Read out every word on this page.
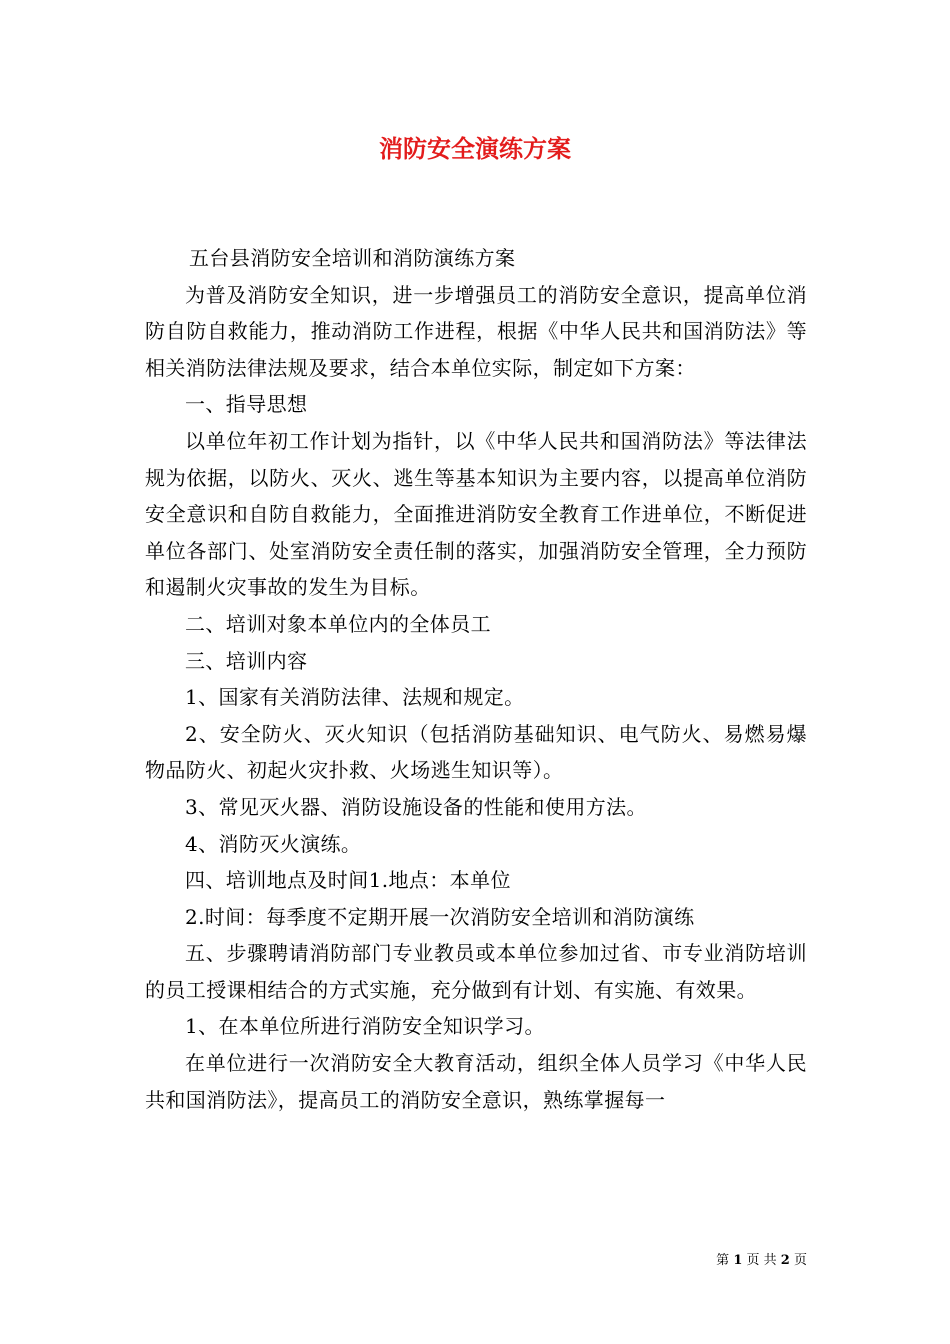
消防安全演练方案

五台县消防安全培训和消防演练方案

为普及消防安全知识，进一步增强员工的消防安全意识，提高单位消防自防自救能力，推动消防工作进程，根据《中华人民共和国消防法》等相关消防法律法规及要求，结合本单位实际，制定如下方案：

一、指导思想

以单位年初工作计划为指针，以《中华人民共和国消防法》等法律法规为依据，以防火、灭火、逃生等基本知识为主要内容，以提高单位消防安全意识和自防自救能力，全面推进消防安全教育工作进单位，不断促进单位各部门、处室消防安全责任制的落实，加强消防安全管理，全力预防和遏制火灾事故的发生为目标。

二、培训对象本单位内的全体员工

三、培训内容

1、国家有关消防法律、法规和规定。

2、安全防火、灭火知识（包括消防基础知识、电气防火、易燃易爆物品防火、初起火灾扑救、火场逃生知识等）。

3、常见灭火器、消防设施设备的性能和使用方法。

4、消防灭火演练。

四、培训地点及时间1.地点：本单位

2.时间：每季度不定期开展一次消防安全培训和消防演练

五、步骤聘请消防部门专业教员或本单位参加过省、市专业消防培训的员工授课相结合的方式实施，充分做到有计划、有实施、有效果。

1、在本单位所进行消防安全知识学习。

在单位进行一次消防安全大教育活动，组织全体人员学习《中华人民共和国消防法》，提高员工的消防安全意识，熟练掌握每一

第 1 页 共 2 页
